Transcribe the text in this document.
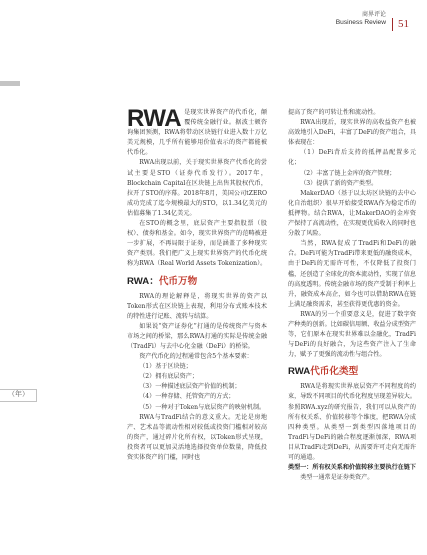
商界评论
Business Review 51
（年）

RWA 是现实世界资产的代币化，颠覆传统金融行业。据波士顿咨询集团预测，RWA将带动区块链行业进入数十万亿美元规模，几乎所有能够用价值表示的资产都能被代币化。

RWA出现以前，关于现实世界资产代币化的尝试主要是STO（证券代币发行）。2017年，Blockchain Capital在区块链上出售其股权代币，拉开了STO的序幕。2018年8月，美国公司tZERO成功完成了迄今规模最大的STO，以1.34亿美元的估值募集了1.34亿美元。

在STO的概念里，底层资产主要指股票（股权）、债券和基金。如今，现实世界资产的范畴被进一步扩展，不再局限于证券，而是涵盖了多种现实资产类别。我们把广义上现实世界资产的代币化统称为RWA（Real World Assets Tokenization）。

RWA：代币万物

RWA的理论解释是，将现实世界的资产以Token形式在区块链上表现，利用分布式账本技术的特性进行记账、流转与结算。

如果说“资产证券化”打通的是传统资产与资本市场之间的桥梁，那么RWA打通的实际是传统金融（TradFi）与去中心化金融（DeFi）的桥梁。

资产代币化的过程通常包含5个基本要素：

（1）基于区块链；

（2）拥有底层资产；

（3）一种描述底层资产价值的机制；

（4）一种存储、托管资产的方式；

（5）一种对于Token与底层资产的映射机制。

RWA与TradFi结合的意义重大。无论是房地产、艺术品等流动性相对较低或投资门槛相对较高的资产，通过碎片化所有权，以Token形式呈现，投资者可以更加灵活地选择投资单位数量，降低投资实体资产的门槛，同时也

提高了资产的可转让性和流动性。

RWA出现后，现实世界的高收益资产也被高效地引入DeFi，丰富了DeFi的资产组合，具体表现在：

（1）DeFi背后支持的抵押品配置多元化；

（2）丰富了链上金库的资产管理；

（3）提供了新的资产类型。

MakerDAO（基于以太坊区块链的去中心化自治组织）很早开始接受RWA作为稳定币的抵押物。结合RWA，让MakerDAO的金库资产保持了高流动性，在实现更优质收入的同时也分散了风险。

当然，RWA促成了TradFi和DeFi的融合。DeFi可能为TradFi带来更低的融资成本，由于DeFi的无需许可性，不仅降低了投资门槛，还创造了全球化的资本流动性，实现了信息的高度透明。传统金融市场的资产受制于利率上升，融资成本高企，如今也可以借助RWA在链上满足融资需求，甚至获得更优惠的资金。

RWA的另一个重要意义是，促进了数字资产种类的创新。比如碳信用额、收益分成型资产等，它们原本在现实世界难以金融化，TradFi与DeFi的良好融合，为这些资产注入了生命力，赋予了更强的流动性与组合性。

RWA代币化类型

RWA是将现实世界底层资产不同程度的约束，导致不同项目的代币化程度呈现差异较大。参照RWA.xyz的研究报告，我们可以从资产的所有权关系、价值转移等个维度，把RWA分成四种类型。从类型一到类型四落地项目的TradFi与DeFi的融合程度逐渐加深，RWA项目从TradFi走到DeFi，从需要许可走向无需许可的通道。

类型一：所有权关系和价值转移主要执行在链下

类型一通常是证券类资产。
